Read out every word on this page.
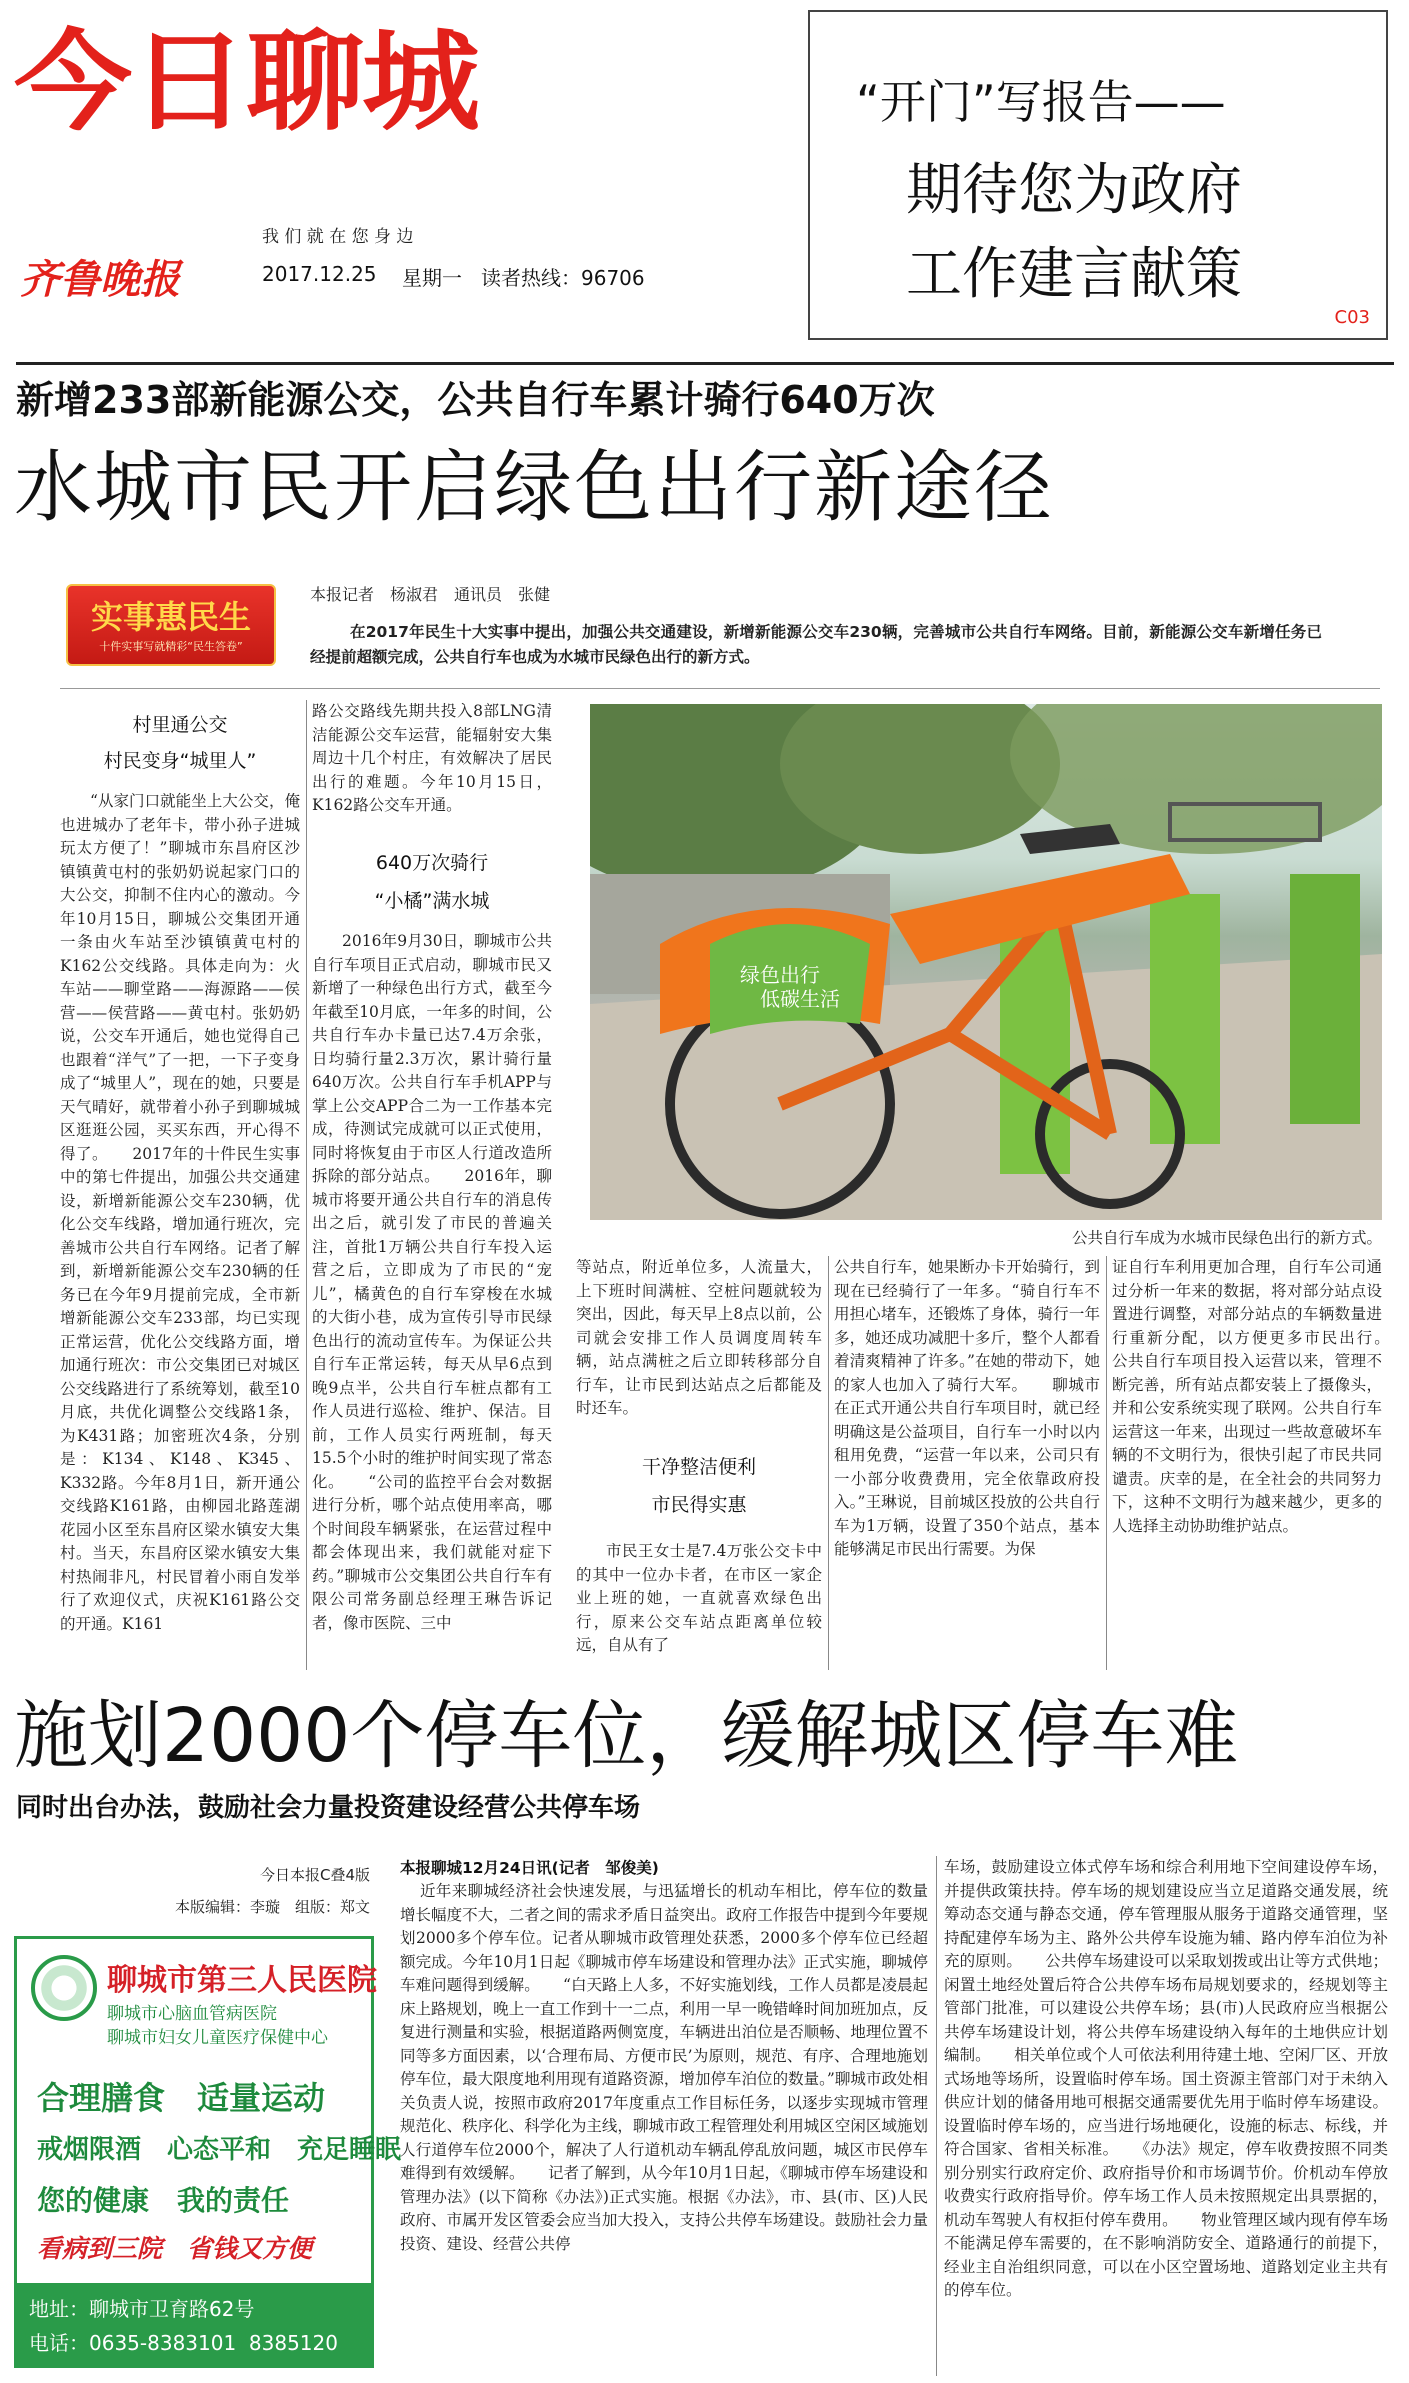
今日聊城
我 们 就 在 您 身 边
齐鲁晚报	2017.12.25 星期一 读者热线：96706
“开门”写报告——
期待您为政府
工作建言献策
C03
新增233部新能源公交，公共自行车累计骑行640万次
水城市民开启绿色出行新途径
实事惠民生
十件实事写就精彩“民生答卷”
本报记者　杨淑君　通讯员　张健
在2017年民生十大实事中提出，加强公共交通建设，新增新能源公交车230辆，完善城市公共自行车网络。目前，新能源公交车新增任务已经提前超额完成，公共自行车也成为水城市民绿色出行的新方式。
村里通公交
村民变身“城里人”
“从家门口就能坐上大公交，俺也进城办了老年卡，带小孙子进城玩太方便了！”聊城市东昌府区沙镇镇黄屯村的张奶奶说起家门口的大公交，抑制不住内心的激动。今年10月15日，聊城公交集团开通一条由火车站至沙镇镇黄屯村的K162公交线路。具体走向为：火车站——聊堂路——海源路——侯营——侯营路——黄屯村。张奶奶说，公交车开通后，她也觉得自己也跟着“洋气”了一把，一下子变身成了“城里人”，现在的她，只要是天气晴好，就带着小孙子到聊城城区逛逛公园，买买东西，开心得不得了。　　2017年的十件民生实事中的第七件提出，加强公共交通建设，新增新能源公交车230辆，优化公交车线路，增加通行班次，完善城市公共自行车网络。记者了解到，新增新能源公交车230辆的任务已在今年9月提前完成，全市新增新能源公交车233部，均已实现正常运营，优化公交线路方面，增加通行班次：市公交集团已对城区公交线路进行了系统筹划，截至10月底，共优化调整公交线路1条，为K431路；加密班次4条，分别是：K134、K148、K345、K332路。今年8月1日，新开通公交线路K161路，由柳园北路莲湖花园小区至东昌府区梁水镇安大集村。当天，东昌府区梁水镇安大集村热闹非凡，村民冒着小雨自发举行了欢迎仪式，庆祝K161路公交的开通。K161
路公交路线先期共投入8部LNG清洁能源公交车运营，能辐射安大集周边十几个村庄，有效解决了居民出行的难题。今年10月15日，K162路公交车开通。
640万次骑行
“小橘”满水城
2016年9月30日，聊城市公共自行车项目正式启动，聊城市民又新增了一种绿色出行方式，截至今年截至10月底，一年多的时间，公共自行车办卡量已达7.4万余张，日均骑行量2.3万次，累计骑行量640万次。公共自行车手机APP与掌上公交APP合二为一工作基本完成，待测试完成就可以正式使用，同时将恢复由于市区人行道改造所拆除的部分站点。　　2016年，聊城市将要开通公共自行车的消息传出之后，就引发了市民的普遍关注，首批1万辆公共自行车投入运营之后，立即成为了市民的“宠儿”，橘黄色的自行车穿梭在水城的大街小巷，成为宣传引导市民绿色出行的流动宣传车。为保证公共自行车正常运转，每天从早6点到晚9点半，公共自行车桩点都有工作人员进行巡检、维护、保洁。目前，工作人员实行两班制，每天15.5个小时的维护时间实现了常态化。　　“公司的监控平台会对数据进行分析，哪个站点使用率高，哪个时间段车辆紧张，在运营过程中都会体现出来，我们就能对症下药。”聊城市公交集团公共自行车有限公司常务副总经理王琳告诉记者，像市医院、三中
绿色出行
低碳生活
公共自行车成为水城市民绿色出行的新方式。
等站点，附近单位多，人流量大，上下班时间满桩、空桩问题就较为突出，因此，每天早上8点以前，公司就会安排工作人员调度周转车辆，站点满桩之后立即转移部分自行车，让市民到达站点之后都能及时还车。
干净整洁便利
市民得实惠
市民王女士是7.4万张公交卡中的其中一位办卡者，在市区一家企业上班的她，一直就喜欢绿色出行，原来公交车站点距离单位较远，自从有了
公共自行车，她果断办卡开始骑行，到现在已经骑行了一年多。“骑自行车不用担心堵车，还锻炼了身体，骑行一年多，她还成功减肥十多斤，整个人都看着清爽精神了许多。”在她的带动下，她的家人也加入了骑行大军。　　聊城市在正式开通公共自行车项目时，就已经明确这是公益项目，自行车一小时以内租用免费，“运营一年以来，公司只有一小部分收费费用，完全依靠政府投入。”王琳说，目前城区投放的公共自行车为1万辆，设置了350个站点，基本能够满足市民出行需要。为保
证自行车利用更加合理，自行车公司通过分析一年来的数据，将对部分站点设置进行调整，对部分站点的车辆数量进行重新分配，以方便更多市民出行。　　公共自行车项目投入运营以来，管理不断完善，所有站点都安装上了摄像头，并和公安系统实现了联网。公共自行车运营这一年来，出现过一些故意破坏车辆的不文明行为，很快引起了市民共同谴责。庆幸的是，在全社会的共同努力下，这种不文明行为越来越少，更多的人选择主动协助维护站点。
施划2000个停车位，缓解城区停车难
同时出台办法，鼓励社会力量投资建设经营公共停车场
今日本报C叠4版
本版编辑：李璇　组版：郑文
聊城市第三人民医院
聊城市心脑血管病医院
聊城市妇女儿童医疗保健中心
合理膳食　适量运动
戒烟限酒　心态平和　充足睡眠
您的健康　我的责任
看病到三院　省钱又方便
地址：聊城市卫育路62号
电话：0635-8383101  8385120
本报聊城12月24日讯(记者　邹俊美)
近年来聊城经济社会快速发展，与迅猛增长的机动车相比，停车位的数量增长幅度不大，二者之间的需求矛盾日益突出。政府工作报告中提到今年要规划2000多个停车位。记者从聊城市政管理处获悉，2000多个停车位已经超额完成。今年10月1日起《聊城市停车场建设和管理办法》正式实施，聊城停车难问题得到缓解。　　“白天路上人多，不好实施划线，工作人员都是凌晨起床上路规划，晚上一直工作到十一二点，利用一早一晚错峰时间加班加点，反复进行测量和实验，根据道路两侧宽度，车辆进出泊位是否顺畅、地理位置不同等多方面因素，以‘合理布局、方便市民’为原则，规范、有序、合理地施划停车位，最大限度地利用现有道路资源，增加停车泊位的数量。”聊城市政处相关负责人说，按照市政府2017年度重点工作目标任务，以逐步实现城市管理规范化、秩序化、科学化为主线，聊城市政工程管理处利用城区空闲区域施划人行道停车位2000个，解决了人行道机动车辆乱停乱放问题，城区市民停车难得到有效缓解。　　记者了解到，从今年10月1日起，《聊城市停车场建设和管理办法》(以下简称《办法》)正式实施。根据《办法》，市、县(市、区)人民政府、市属开发区管委会应当加大投入，支持公共停车场建设。鼓励社会力量投资、建设、经营公共停
车场，鼓励建设立体式停车场和综合利用地下空间建设停车场，并提供政策扶持。停车场的规划建设应当立足道路交通发展，统筹动态交通与静态交通，停车管理服从服务于道路交通管理，坚持配建停车场为主、路外公共停车设施为辅、路内停车泊位为补充的原则。　　公共停车场建设可以采取划拨或出让等方式供地；闲置土地经处置后符合公共停车场布局规划要求的，经规划等主管部门批准，可以建设公共停车场；县(市)人民政府应当根据公共停车场建设计划，将公共停车场建设纳入每年的土地供应计划编制。　　相关单位或个人可依法利用待建土地、空闲厂区、开放式场地等场所，设置临时停车场。国土资源主管部门对于未纳入供应计划的储备用地可根据交通需要优先用于临时停车场建设。设置临时停车场的，应当进行场地硬化，设施的标志、标线，并符合国家、省相关标准。　　《办法》规定，停车收费按照不同类别分别实行政府定价、政府指导价和市场调节价。价机动车停放收费实行政府指导价。停车场工作人员未按照规定出具票据的，机动车驾驶人有权拒付停车费用。　　物业管理区域内现有停车场不能满足停车需要的，在不影响消防安全、道路通行的前提下，经业主自治组织同意，可以在小区空置场地、道路划定业主共有的停车位。
